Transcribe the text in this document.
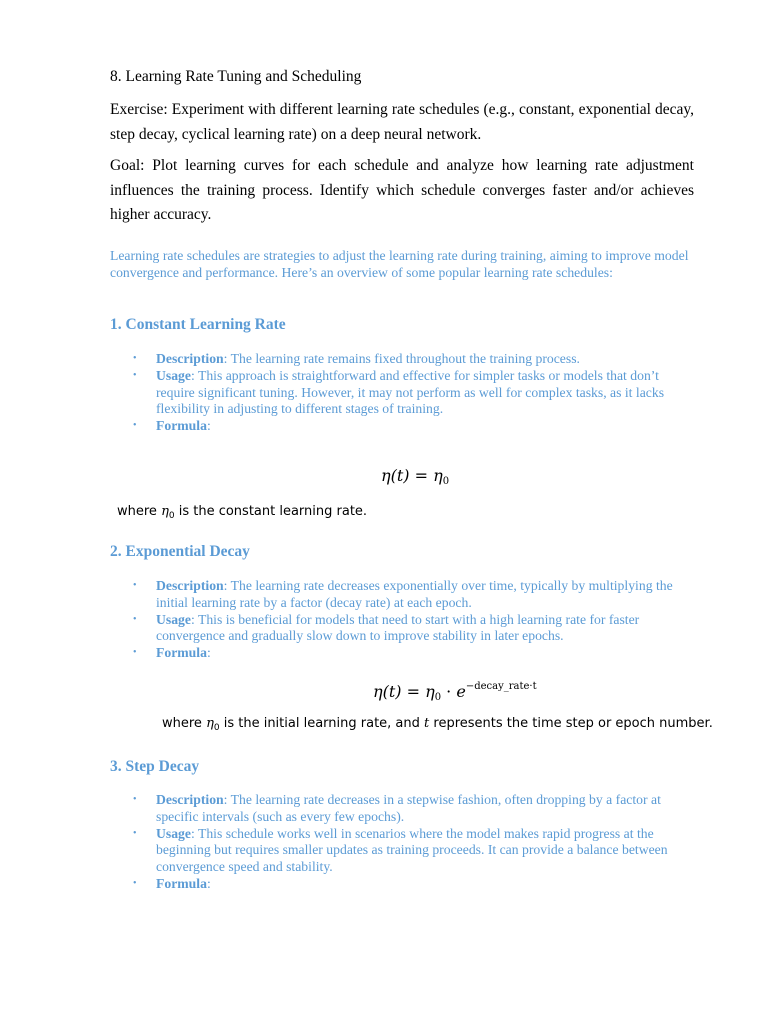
8. Learning Rate Tuning and Scheduling

Exercise: Experiment with different learning rate schedules (e.g., constant, exponential decay, step decay, cyclical learning rate) on a deep neural network.

Goal: Plot learning curves for each schedule and analyze how learning rate adjustment influences the training process. Identify which schedule converges faster and/or achieves higher accuracy.

Learning rate schedules are strategies to adjust the learning rate during training, aiming to improve model convergence and performance. Here’s an overview of some popular learning rate schedules:

1. Constant Learning Rate
• Description: The learning rate remains fixed throughout the training process.
• Usage: This approach is straightforward and effective for simpler tasks or models that don’t require significant tuning. However, it may not perform as well for complex tasks, as it lacks flexibility in adjusting to different stages of training.
• Formula:
$\eta(t) = \eta_0$
where $\eta_0$ is the constant learning rate.
2. Exponential Decay
• Description: The learning rate decreases exponentially over time, typically by multiplying the initial learning rate by a factor (decay rate) at each epoch.
• Usage: This is beneficial for models that need to start with a high learning rate for faster convergence and gradually slow down to improve stability in later epochs.
• Formula:
$\eta(t) = \eta_0 \cdot e^{-decay\_rate\cdot t}$
where $\eta_0$ is the initial learning rate, and t represents the time step or epoch number.
3. Step Decay
• Description: The learning rate decreases in a stepwise fashion, often dropping by a factor at specific intervals (such as every few epochs).
• Usage: This schedule works well in scenarios where the model makes rapid progress at the beginning but requires smaller updates as training proceeds. It can provide a balance between convergence speed and stability.
• Formula:
